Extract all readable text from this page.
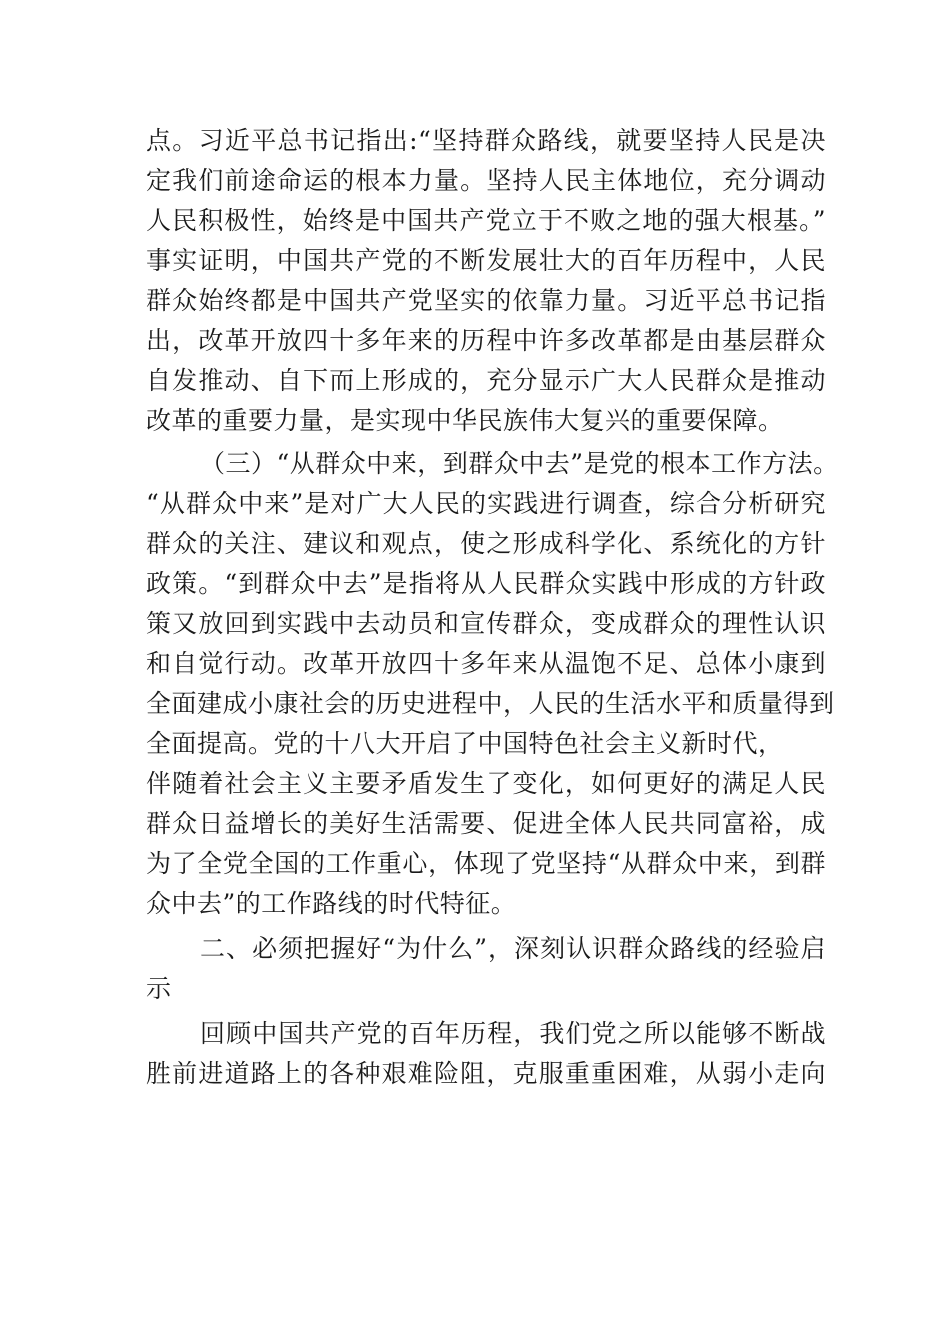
点。习近平总书记指出:“坚持群众路线，就要坚持人民是决
定我们前途命运的根本力量。坚持人民主体地位，充分调动
人民积极性，始终是中国共产党立于不败之地的强大根基。”
事实证明，中国共产党的不断发展壮大的百年历程中，人民
群众始终都是中国共产党坚实的依靠力量。习近平总书记指
出，改革开放四十多年来的历程中许多改革都是由基层群众
自发推动、自下而上形成的，充分显示广大人民群众是推动
改革的重要力量，是实现中华民族伟大复兴的重要保障。
（三）“从群众中来，到群众中去”是党的根本工作方法。
“从群众中来”是对广大人民的实践进行调查，综合分析研究
群众的关注、建议和观点，使之形成科学化、系统化的方针
政策。“到群众中去”是指将从人民群众实践中形成的方针政
策又放回到实践中去动员和宣传群众，变成群众的理性认识
和自觉行动。改革开放四十多年来从温饱不足、总体小康到
全面建成小康社会的历史进程中，人民的生活水平和质量得到
全面提高。党的十八大开启了中国特色社会主义新时代，
伴随着社会主义主要矛盾发生了变化，如何更好的满足人民
群众日益增长的美好生活需要、促进全体人民共同富裕，成
为了全党全国的工作重心，体现了党坚持“从群众中来，到群
众中去”的工作路线的时代特征。
二、必须把握好“为什么”，深刻认识群众路线的经验启
示
回顾中国共产党的百年历程，我们党之所以能够不断战
胜前进道路上的各种艰难险阻，克服重重困难，从弱小走向
